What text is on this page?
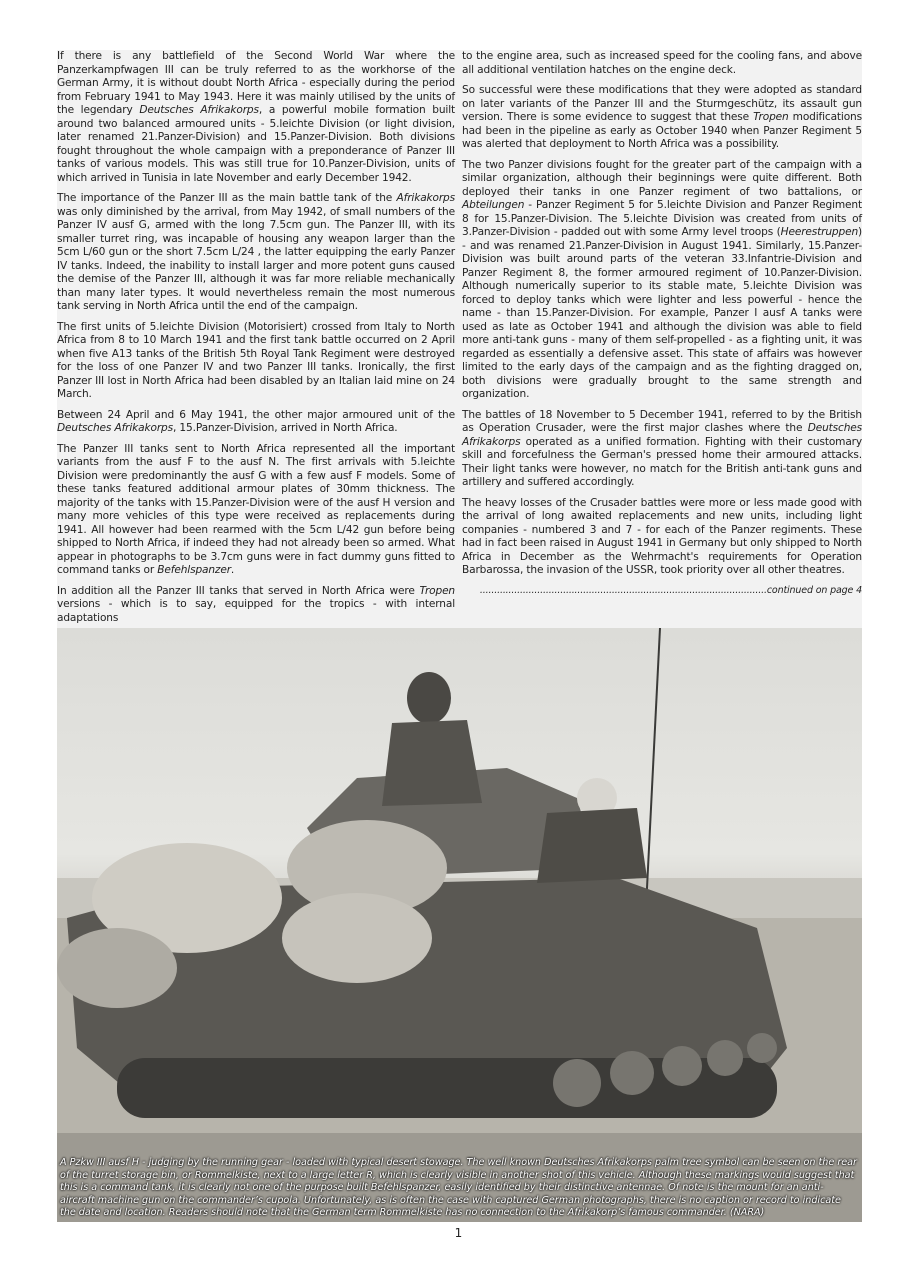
If there is any battlefield of the Second World War where the Panzerkampfwagen III can be truly referred to as the workhorse of the German Army, it is without doubt North Africa - especially during the period from February 1941 to May 1943. Here it was mainly utilised by the units of the legendary Deutsches Afrikakorps, a powerful mobile formation built around two balanced armoured units - 5.leichte Division (or light division, later renamed 21.Panzer-Division) and 15.Panzer-Division. Both divisions fought throughout the whole campaign with a preponderance of Panzer III tanks of various models. This was still true for 10.Panzer-Division, units of which arrived in Tunisia in late November and early December 1942.

The importance of the Panzer III as the main battle tank of the Afrikakorps was only diminished by the arrival, from May 1942, of small numbers of the Panzer IV ausf G, armed with the long 7.5cm gun. The Panzer III, with its smaller turret ring, was incapable of housing any weapon larger than the 5cm L/60 gun or the short 7.5cm L/24 , the latter equipping the early Panzer IV tanks. Indeed, the inability to install larger and more potent guns caused the demise of the Panzer III, although it was far more reliable mechanically than many later types. It would nevertheless remain the most numerous tank serving in North Africa until the end of the campaign.

The first units of 5.leichte Division (Motorisiert) crossed from Italy to North Africa from 8 to 10 March 1941 and the first tank battle occurred on 2 April when five A13 tanks of the British 5th Royal Tank Regiment were destroyed for the loss of one Panzer IV and two Panzer III tanks. Ironically, the first Panzer III lost in North Africa had been disabled by an Italian laid mine on 24 March.

Between 24 April and 6 May 1941, the other major armoured unit of the Deutsches Afrikakorps, 15.Panzer-Division, arrived in North Africa.

The Panzer III tanks sent to North Africa represented all the important variants from the ausf F to the ausf N. The first arrivals with 5.leichte Division were predominantly the ausf G with a few ausf F models. Some of these tanks featured additional armour plates of 30mm thickness. The majority of the tanks with 15.Panzer-Division were of the ausf H version and many more vehicles of this type were received as replacements during 1941. All however had been rearmed with the 5cm L/42 gun before being shipped to North Africa, if indeed they had not already been so armed. What appear in photographs to be 3.7cm guns were in fact dummy guns fitted to command tanks or Befehlspanzer.

In addition all the Panzer III tanks that served in North Africa were Tropen versions - which is to say, equipped for the tropics - with internal adaptations

to the engine area, such as increased speed for the cooling fans, and above all additional ventilation hatches on the engine deck.

So successful were these modifications that they were adopted as standard on later variants of the Panzer III and the Sturmgeschütz, its assault gun version. There is some evidence to suggest that these Tropen modifications had been in the pipeline as early as October 1940 when Panzer Regiment 5 was alerted that deployment to North Africa was a possibility.

The two Panzer divisions fought for the greater part of the campaign with a similar organization, although their beginnings were quite different. Both deployed their tanks in one Panzer regiment of two battalions, or Abteilungen - Panzer Regiment 5 for 5.leichte Division and Panzer Regiment 8 for 15.Panzer-Division. The 5.leichte Division was created from units of 3.Panzer-Division - padded out with some Army level troops (Heerestruppen) - and was renamed 21.Panzer-Division in August 1941. Similarly, 15.Panzer-Division was built around parts of the veteran 33.Infantrie-Division and Panzer Regiment 8, the former armoured regiment of 10.Panzer-Division. Although numerically superior to its stable mate, 5.leichte Division was forced to deploy tanks which were lighter and less powerful - hence the name - than 15.Panzer-Division. For example, Panzer I ausf A tanks were used as late as October 1941 and although the division was able to field more anti-tank guns - many of them self-propelled - as a fighting unit, it was regarded as essentially a defensive asset. This state of affairs was however limited to the early days of the campaign and as the fighting dragged on, both divisions were gradually brought to the same strength and organization.

The battles of 18 November to 5 December 1941, referred to by the British as Operation Crusader, were the first major clashes where the Deutsches Afrikakorps operated as a unified formation. Fighting with their customary skill and forcefulness the German's pressed home their armoured attacks. Their light tanks were however, no match for the British anti-tank guns and artillery and suffered accordingly.

The heavy losses of the Crusader battles were more or less made good with the arrival of long awaited replacements and new units, including light companies - numbered 3 and 7 - for each of the Panzer regiments. These had in fact been raised in August 1941 in Germany but only shipped to North Africa in December as the Wehrmacht's requirements for Operation Barbarossa, the invasion of the USSR, took priority over all other theatres.

....................................................................................................continued on page 4

A Pzkw III ausf H - judging by the running gear - loaded with typical desert stowage. The well known Deutsches Afrikakorps palm tree symbol can be seen on the rear of the turret storage bin, or Rommelkiste, next to a large letter R, which is clearly visible in another shot of this vehicle. Although these markings would suggest that this is a command tank, it is clearly not one of the purpose built Befehlspanzer, easily identified by their distinctive antennae. Of note is the mount for an anti-aircraft machine gun on the commander’s cupola. Unfortunately, as is often the case with captured German photographs, there is no caption or record to indicate the date and location. Readers should note that the German term Rommelkiste has no connection to the Afrikakorp’s famous commander. (NARA)

1
